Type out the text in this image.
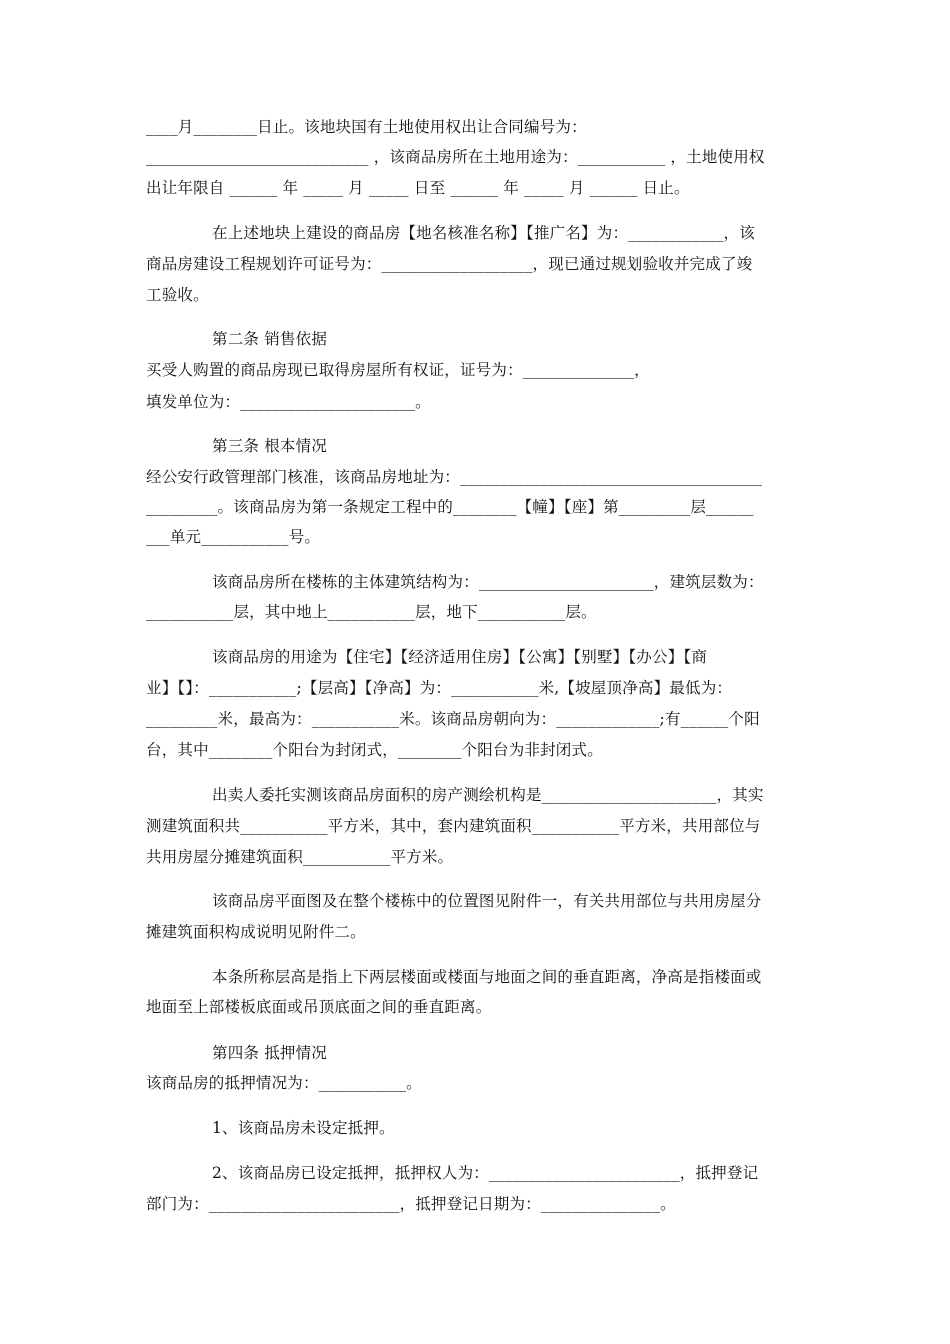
____月________日止。该地块国有土地使用权出让合同编号为：
____________________________ ，该商品房所在土地用途为：___________ ，土地使用权
出让年限自 ______ 年 _____ 月 _____ 日至 ______ 年 _____ 月 ______ 日止。
在上述地块上建设的商品房【地名核准名称】【推广名】为：____________，该
商品房建设工程规划许可证号为：___________________，现已通过规划验收并完成了竣
工验收。
第二条 销售依据
买受人购置的商品房现已取得房屋所有权证，证号为：______________，
填发单位为：______________________。
第三条 根本情况
经公安行政管理部门核准，该商品房地址为：______________________________________
_________。该商品房为第一条规定工程中的________【幢】【座】第_________层______
___单元___________号。
该商品房所在楼栋的主体建筑结构为：______________________，建筑层数为：
___________层，其中地上___________层，地下___________层。
该商品房的用途为【住宅】【经济适用住房】【公寓】【别墅】【办公】【商
业】【】：___________;【层高】【净高】为：___________米,【坡屋顶净高】最低为：
_________米，最高为：___________米。该商品房朝向为：_____________;有______个阳
台，其中________个阳台为封闭式，________个阳台为非封闭式。
出卖人委托实测该商品房面积的房产测绘机构是______________________，其实
测建筑面积共___________平方米，其中，套内建筑面积___________平方米，共用部位与
共用房屋分摊建筑面积___________平方米。
该商品房平面图及在整个楼栋中的位置图见附件一，有关共用部位与共用房屋分
摊建筑面积构成说明见附件二。
本条所称层高是指上下两层楼面或楼面与地面之间的垂直距离，净高是指楼面或
地面至上部楼板底面或吊顶底面之间的垂直距离。
第四条 抵押情况
该商品房的抵押情况为：___________。
1、该商品房未设定抵押。
2、该商品房已设定抵押，抵押权人为：________________________，抵押登记
部门为：________________________，抵押登记日期为：_______________。
